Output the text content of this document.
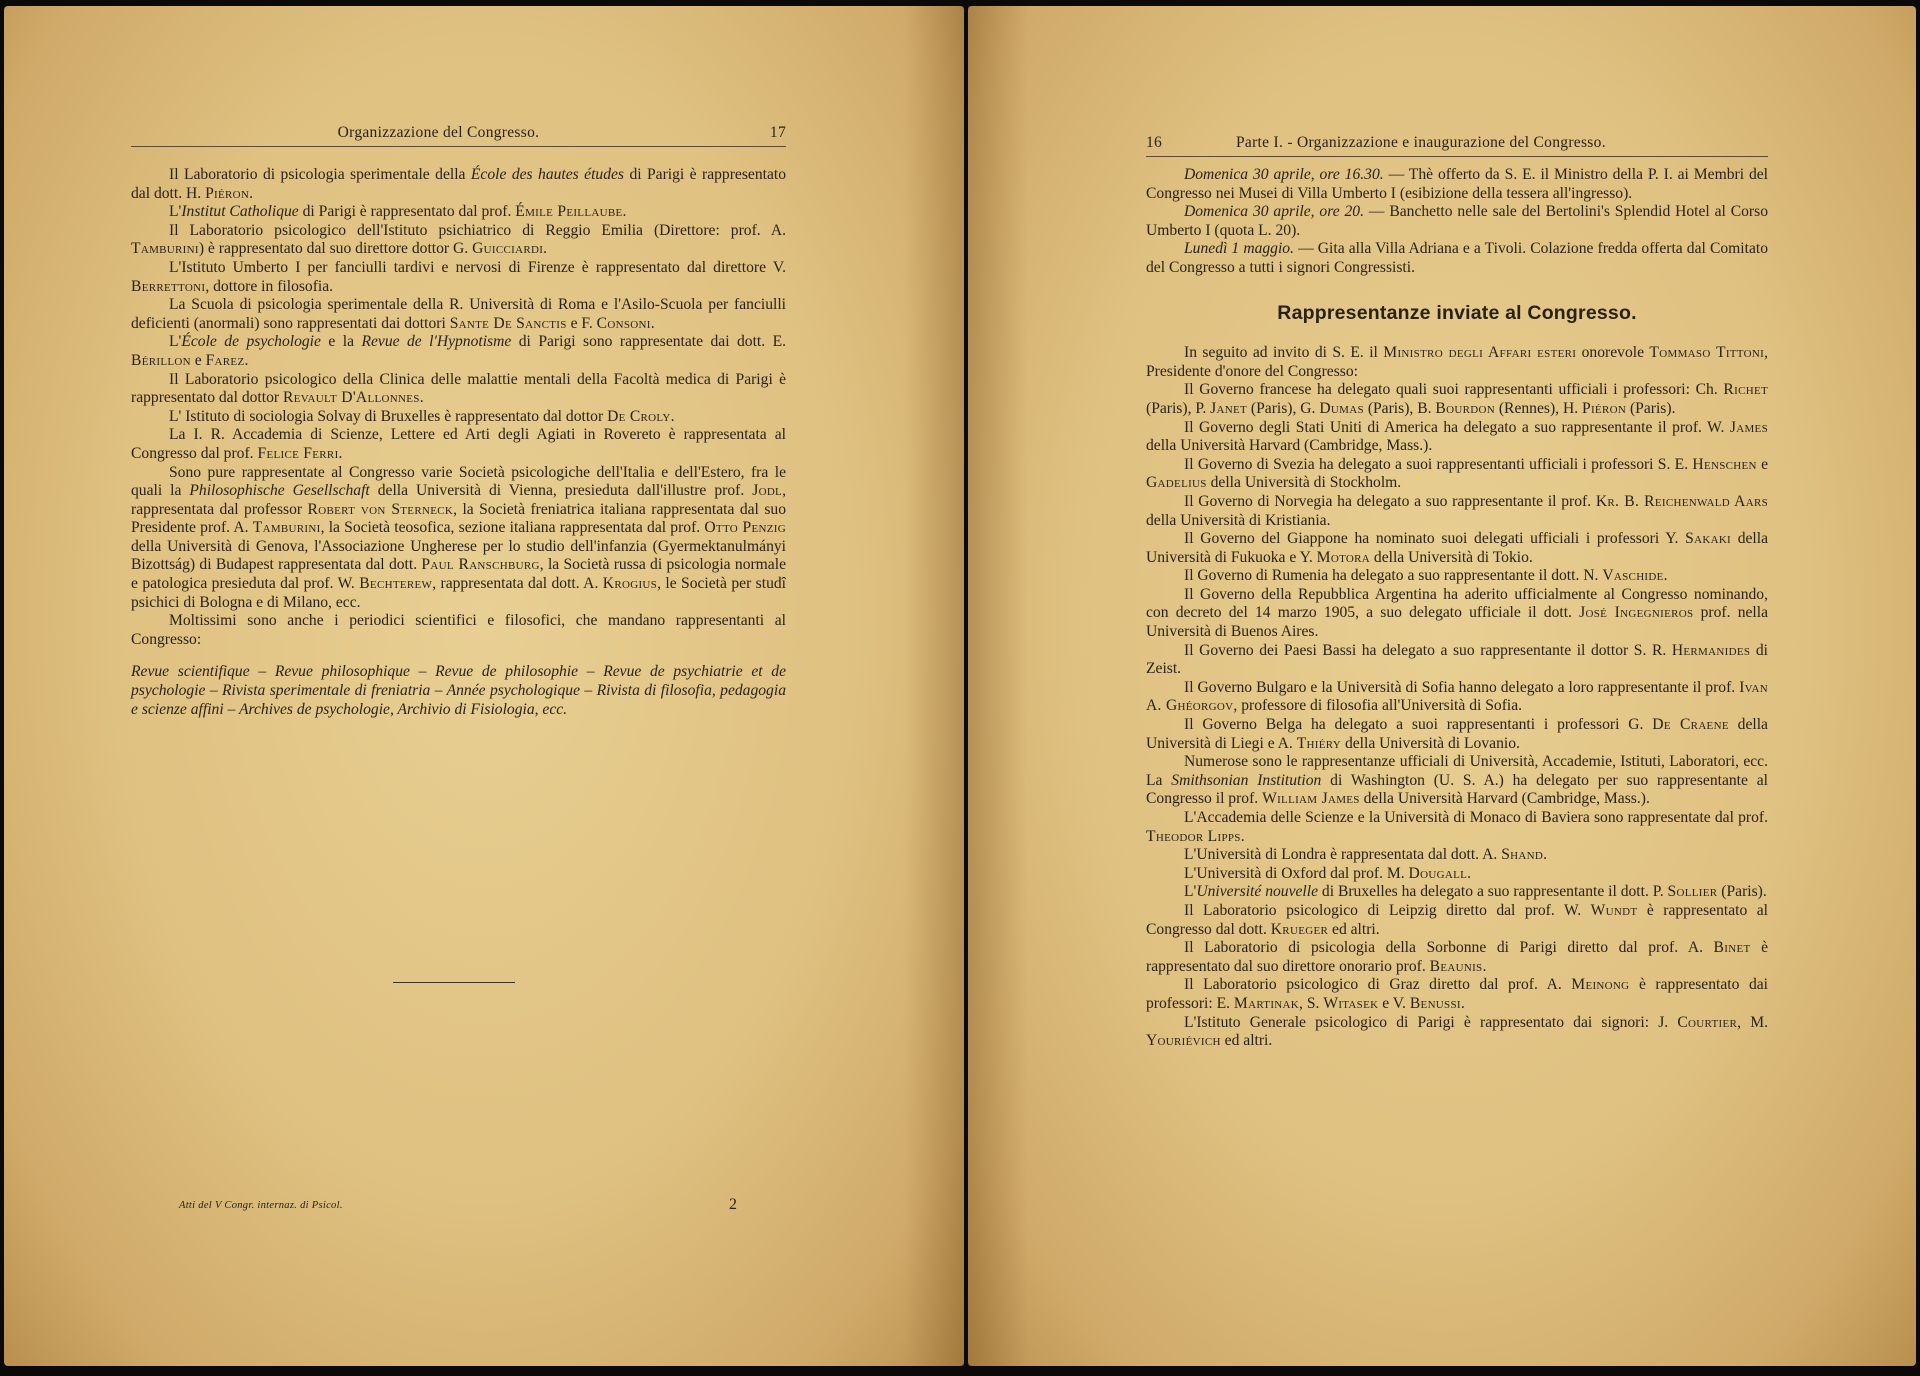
Organizzazione del Congresso.	17

Il Laboratorio di psicologia sperimentale della École des hautes études di Parigi è rappresentato dal dott. H. Piéron.

L'Institut Catholique di Parigi è rappresentato dal prof. Émile Peillaube.

Il Laboratorio psicologico dell'Istituto psichiatrico di Reggio Emilia (Direttore: prof. A. Tamburini) è rappresentato dal suo direttore dottor G. Guicciardi.

L'Istituto Umberto I per fanciulli tardivi e nervosi di Firenze è rappresentato dal direttore V. Berrettoni, dottore in filosofia.

La Scuola di psicologia sperimentale della R. Università di Roma e l'Asilo-Scuola per fanciulli deficienti (anormali) sono rappresentati dai dottori Sante De Sanctis e F. Consoni.

L'École de psychologie e la Revue de l'Hypnotisme di Parigi sono rappresentate dai dott. E. Bérillon e Farez.

Il Laboratorio psicologico della Clinica delle malattie mentali della Facoltà medica di Parigi è rappresentato dal dottor Revault D'Allonnes.

L' Istituto di sociologia Solvay di Bruxelles è rappresentato dal dottor De Croly.

La I. R. Accademia di Scienze, Lettere ed Arti degli Agiati in Rovereto è rappresentata al Congresso dal prof. Felice Ferri.

Sono pure rappresentate al Congresso varie Società psicologiche dell'Italia e dell'Estero, fra le quali la Philosophische Gesellschaft della Università di Vienna, presieduta dall'illustre prof. Jodl, rappresentata dal professor Robert von Sterneck, la Società freniatrica italiana rappresentata dal suo Presidente prof. A. Tamburini, la Società teosofica, sezione italiana rappresentata dal prof. Otto Penzig della Università di Genova, l'Associazione Ungherese per lo studio dell'infanzia (Gyermektanulmányi Bizottság) di Budapest rappresentata dal dott. Paul Ranschburg, la Società russa di psicologia normale e patologica presieduta dal prof. W. Bechterew, rappresentata dal dott. A. Krogius, le Società per studî psichici di Bologna e di Milano, ecc.

Moltissimi sono anche i periodici scientifici e filosofici, che mandano rappresentanti al Congresso:

Revue scientifique – Revue philosophique – Revue de philosophie – Revue de psychiatrie et de psychologie – Rivista sperimentale di freniatria – Année psychologique – Rivista di filosofia, pedagogia e scienze affini – Archives de psychologie, Archivio di Fisiologia, ecc.

Atti del V Congr. internaz. di Psicol.	2
16	Parte I. - Organizzazione e inaugurazione del Congresso.

Domenica 30 aprile, ore 16.30. — Thè offerto da S. E. il Ministro della P. I. ai Membri del Congresso nei Musei di Villa Umberto I (esibizione della tessera all'ingresso).

Domenica 30 aprile, ore 20. — Banchetto nelle sale del Bertolini's Splendid Hotel al Corso Umberto I (quota L. 20).

Lunedì 1 maggio. — Gita alla Villa Adriana e a Tivoli. Colazione fredda offerta dal Comitato del Congresso a tutti i signori Congressisti.

Rappresentanze inviate al Congresso.

In seguito ad invito di S. E. il Ministro degli Affari esteri onorevole Tommaso Tittoni, Presidente d'onore del Congresso:

Il Governo francese ha delegato quali suoi rappresentanti ufficiali i professori: Ch. Richet (Paris), P. Janet (Paris), G. Dumas (Paris), B. Bourdon (Rennes), H. Piéron (Paris).

Il Governo degli Stati Uniti di America ha delegato a suo rappresentante il prof. W. James della Università Harvard (Cambridge, Mass.).

Il Governo di Svezia ha delegato a suoi rappresentanti ufficiali i professori S. E. Henschen e Gadelius della Università di Stockholm.

Il Governo di Norvegia ha delegato a suo rappresentante il prof. Kr. B. Reichenwald Aars della Università di Kristiania.

Il Governo del Giappone ha nominato suoi delegati ufficiali i professori Y. Sakaki della Università di Fukuoka e Y. Motora della Università di Tokio.

Il Governo di Rumenia ha delegato a suo rappresentante il dott. N. Vaschide.

Il Governo della Repubblica Argentina ha aderito ufficialmente al Congresso nominando, con decreto del 14 marzo 1905, a suo delegato ufficiale il dott. José Ingegnieros prof. nella Università di Buenos Aires.

Il Governo dei Paesi Bassi ha delegato a suo rappresentante il dottor S. R. Hermanides di Zeist.

Il Governo Bulgaro e la Università di Sofia hanno delegato a loro rappresentante il prof. Ivan A. Ghéorgov, professore di filosofia all'Università di Sofia.

Il Governo Belga ha delegato a suoi rappresentanti i professori G. De Craene della Università di Liegi e A. Thiéry della Università di Lovanio.

Numerose sono le rappresentanze ufficiali di Università, Accademie, Istituti, Laboratori, ecc. La Smithsonian Institution di Washington (U. S. A.) ha delegato per suo rappresentante al Congresso il prof. William James della Università Harvard (Cambridge, Mass.).

L'Accademia delle Scienze e la Università di Monaco di Baviera sono rappresentate dal prof. Theodor Lipps.

L'Università di Londra è rappresentata dal dott. A. Shand.

L'Università di Oxford dal prof. M. Dougall.

L'Université nouvelle di Bruxelles ha delegato a suo rappresentante il dott. P. Sollier (Paris).

Il Laboratorio psicologico di Leipzig diretto dal prof. W. Wundt è rappresentato al Congresso dal dott. Krueger ed altri.

Il Laboratorio di psicologia della Sorbonne di Parigi diretto dal prof. A. Binet è rappresentato dal suo direttore onorario prof. Beaunis.

Il Laboratorio psicologico di Graz diretto dal prof. A. Meinong è rappresentato dai professori: E. Martinak, S. Witasek e V. Benussi.

L'Istituto Generale psicologico di Parigi è rappresentato dai signori: J. Courtier, M. Youriévich ed altri.
